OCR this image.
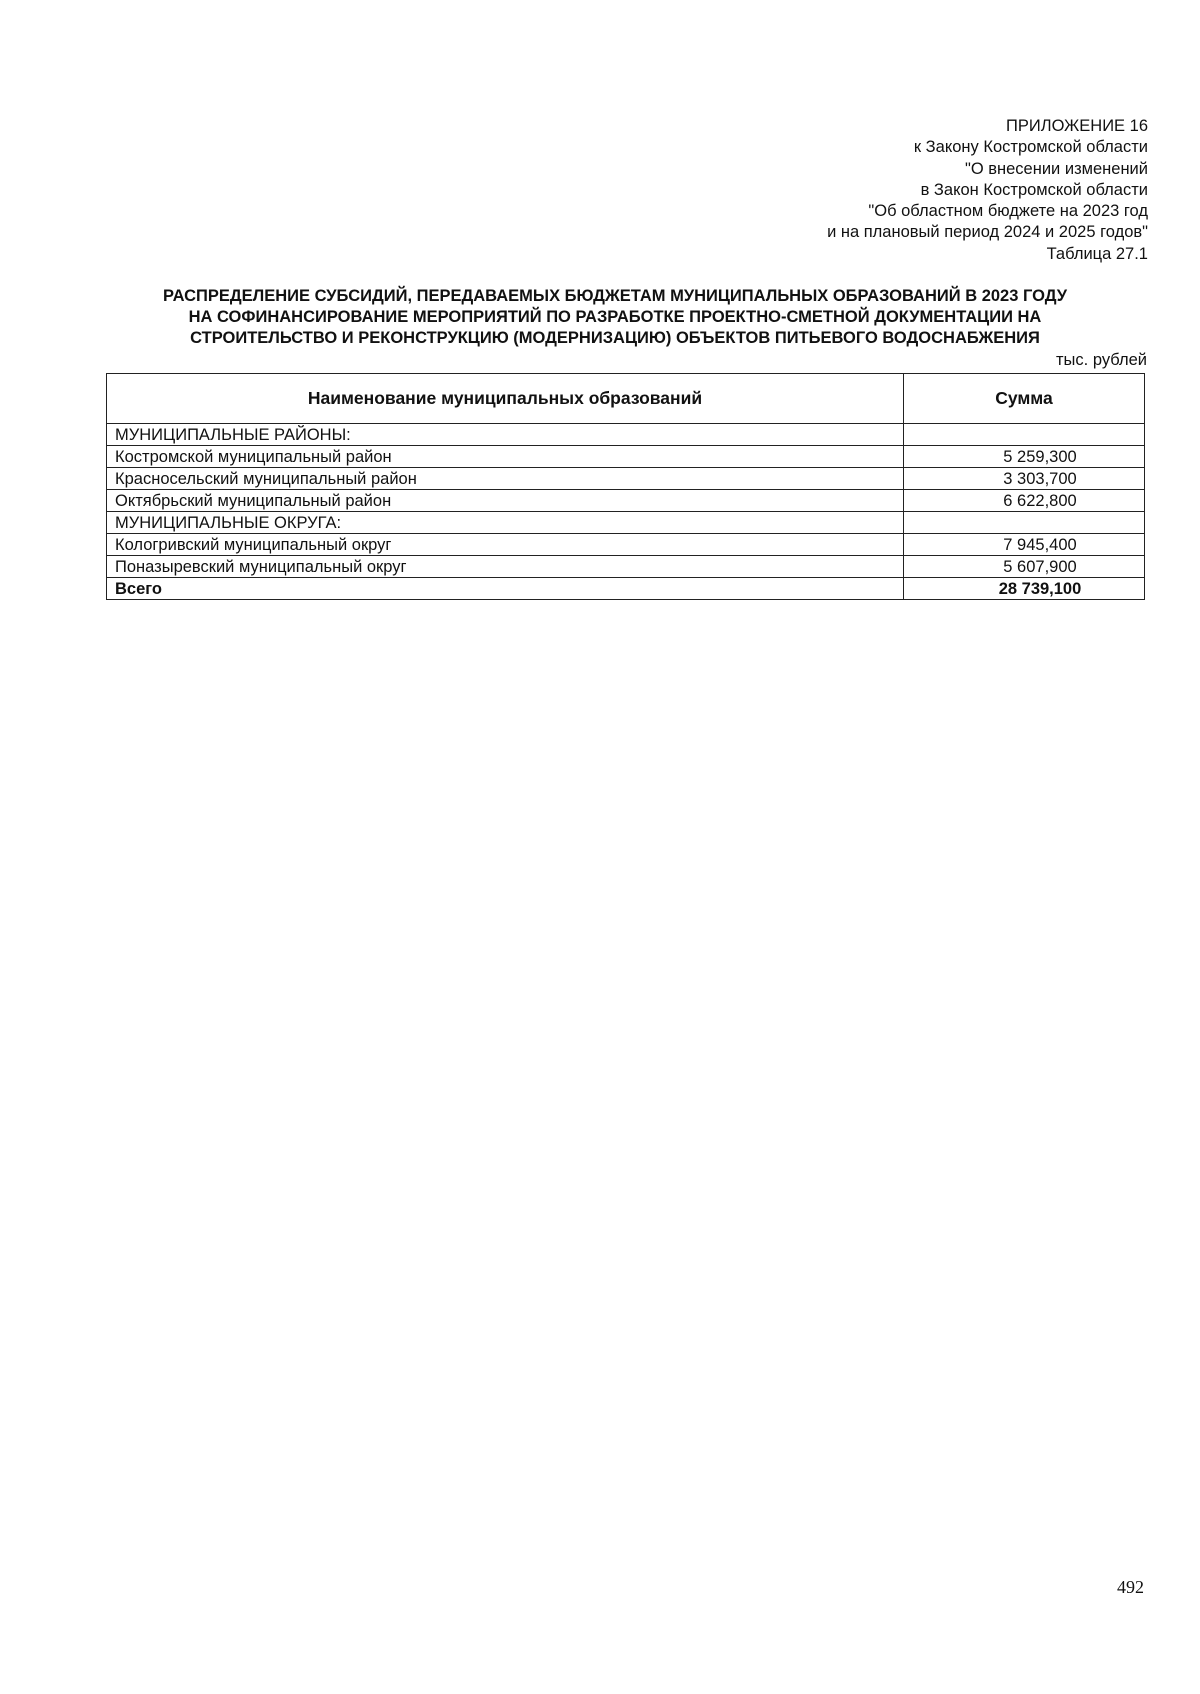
ПРИЛОЖЕНИЕ 16
к Закону Костромской области
"О внесении изменений
в Закон Костромской области
"Об областном бюджете на 2023 год
и на плановый период 2024 и 2025 годов"
Таблица 27.1
РАСПРЕДЕЛЕНИЕ СУБСИДИЙ, ПЕРЕДАВАЕМЫХ БЮДЖЕТАМ МУНИЦИПАЛЬНЫХ ОБРАЗОВАНИЙ В 2023 ГОДУ
НА СОФИНАНСИРОВАНИЕ МЕРОПРИЯТИЙ ПО РАЗРАБОТКЕ ПРОЕКТНО-СМЕТНОЙ ДОКУМЕНТАЦИИ НА
СТРОИТЕЛЬСТВО И РЕКОНСТРУКЦИЮ (МОДЕРНИЗАЦИЮ) ОБЪЕКТОВ ПИТЬЕВОГО ВОДОСНАБЖЕНИЯ
тыс. рублей
Наименование муниципальных образований	Сумма
МУНИЦИПАЛЬНЫЕ РАЙОНЫ:	
Костромской муниципальный район	5 259,300
Красносельский муниципальный район	3 303,700
Октябрьский муниципальный район	6 622,800
МУНИЦИПАЛЬНЫЕ ОКРУГА:	
Кологривский муниципальный округ	7 945,400
Поназыревский муниципальный округ	5 607,900
Всего	28 739,100
492
